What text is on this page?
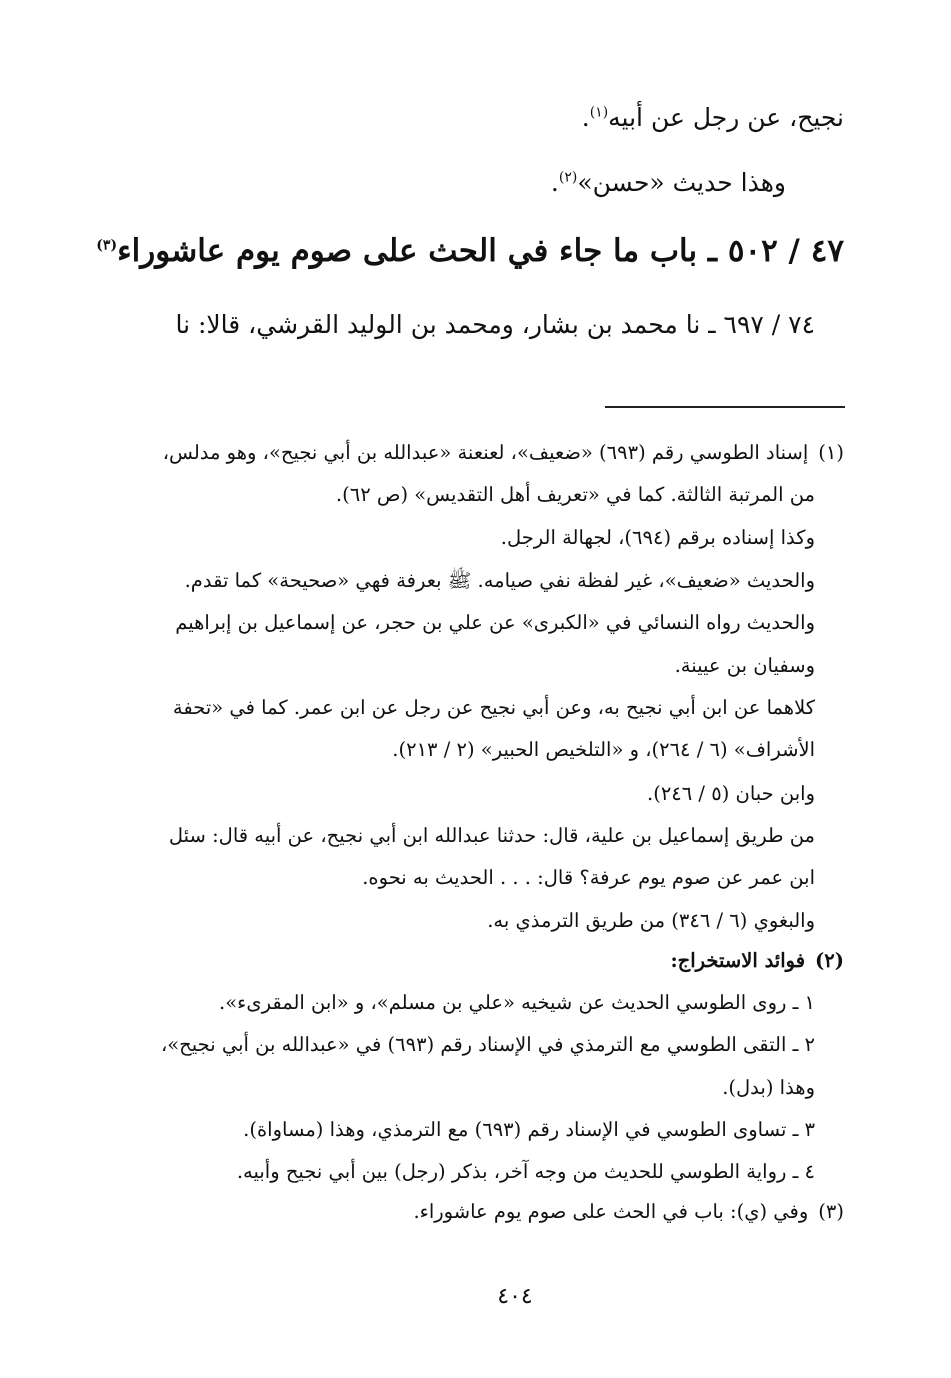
نجيح، عن رجل عن أبيه$^{(١)}$.
وهذا حديث «حسن»$^{(٢)}$.
٤٧ / ٥٠٢ ـ باب ما جاء في الحث على صوم يوم عاشوراء$^{(٣)}$
٧٤ / ٦٩٧ ـ نا محمد بن بشار، ومحمد بن الوليد القرشي، قالا: نا
(١)إسناد الطوسي رقم (٦٩٣) «ضعيف»، لعنعنة «عبدالله بن أبي نجيح»، وهو مدلس،
من المرتبة الثالثة. كما في «تعريف أهل التقديس» (ص ٦٢).
وكذا إسناده برقم (٦٩٤)، لجهالة الرجل.
والحديث «ضعيف»، غير لفظة نفي صيامه. ﷺ بعرفة فهي «صحيحة» كما تقدم.
والحديث رواه النسائي في «الكبرى» عن علي بن حجر، عن إسماعيل بن إبراهيم
وسفيان بن عيينة.
كلاهما عن ابن أبي نجيح به، وعن أبي نجيح عن رجل عن ابن عمر. كما في «تحفة
الأشراف» (٦ / ٢٦٤)، و «التلخيص الحبير» (٢ / ٢١٣).
وابن حبان (٥ / ٢٤٦).
من طريق إسماعيل بن علية، قال: حدثنا عبدالله ابن أبي نجيح، عن أبيه قال: سئل
ابن عمر عن صوم يوم عرفة؟ قال: . . . الحديث به نحوه.
والبغوي (٦ / ٣٤٦) من طريق الترمذي به.
(٢)فوائد الاستخراج:
١ ـ روى الطوسي الحديث عن شيخيه «علي بن مسلم»، و «ابن المقرىء».
٢ ـ التقى الطوسي مع الترمذي في الإسناد رقم (٦٩٣) في «عبدالله بن أبي نجيح»،
وهذا (بدل).
٣ ـ تساوى الطوسي في الإسناد رقم (٦٩٣) مع الترمذي، وهذا (مساواة).
٤ ـ رواية الطوسي للحديث من وجه آخر، بذكر (رجل) بين أبي نجيح وأبيه.
(٣)وفي (ي): باب في الحث على صوم يوم عاشوراء.
٤٠٤
